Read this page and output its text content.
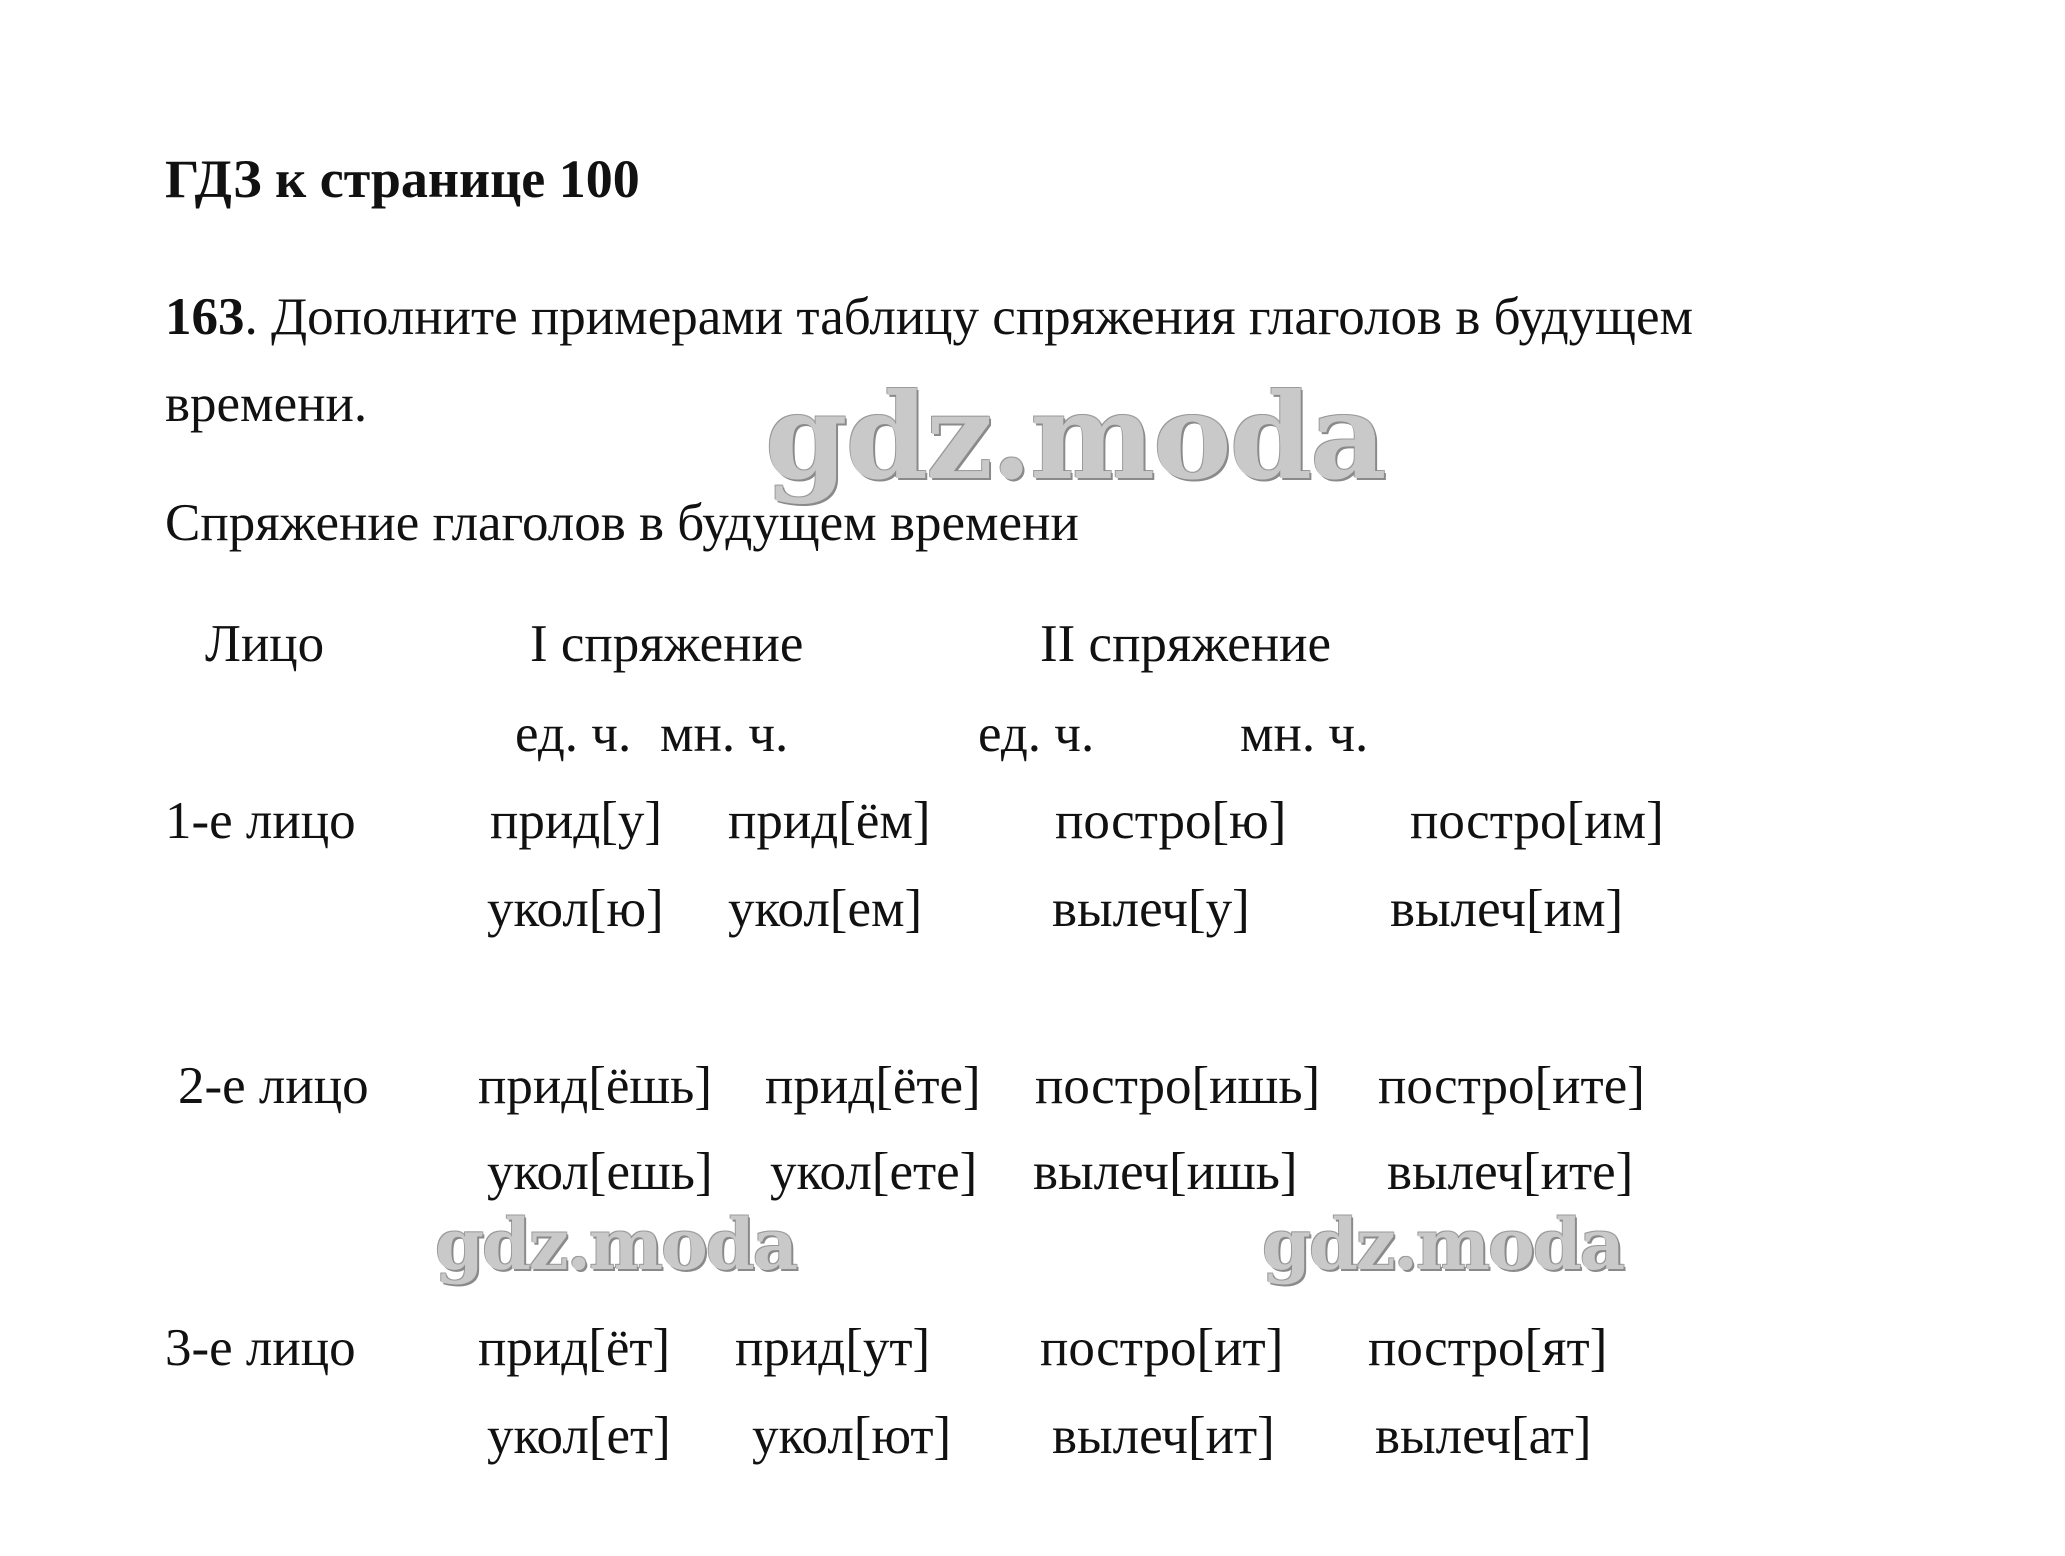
ГДЗ к странице 100
163. Дополните примерами таблицу спряжения глаголов в будущем
времени.	gdz.moda
Спряжение глаголов в будущем времени
Лицо	I спряжение	II спряжение
ед. ч. мн. ч.	ед. ч.	мн. ч.
1-е лицо	прид[у] прид[ём] постро[ю] постро[им]
укол[ю] укол[ем] вылеч[у]	вылеч[им]
2-е лицо прид[ёшь] прид[ёте] постро[ишь] постро[ите]
укол[ешь] укол[ете] вылеч[ишь] вылеч[ите]
gdz.moda	gdz.moda
3-е лицо прид[ёт] прид[ут] постро[ит] постро[ят]
укол[ет] укол[ют] вылеч[ит] вылеч[ат]
